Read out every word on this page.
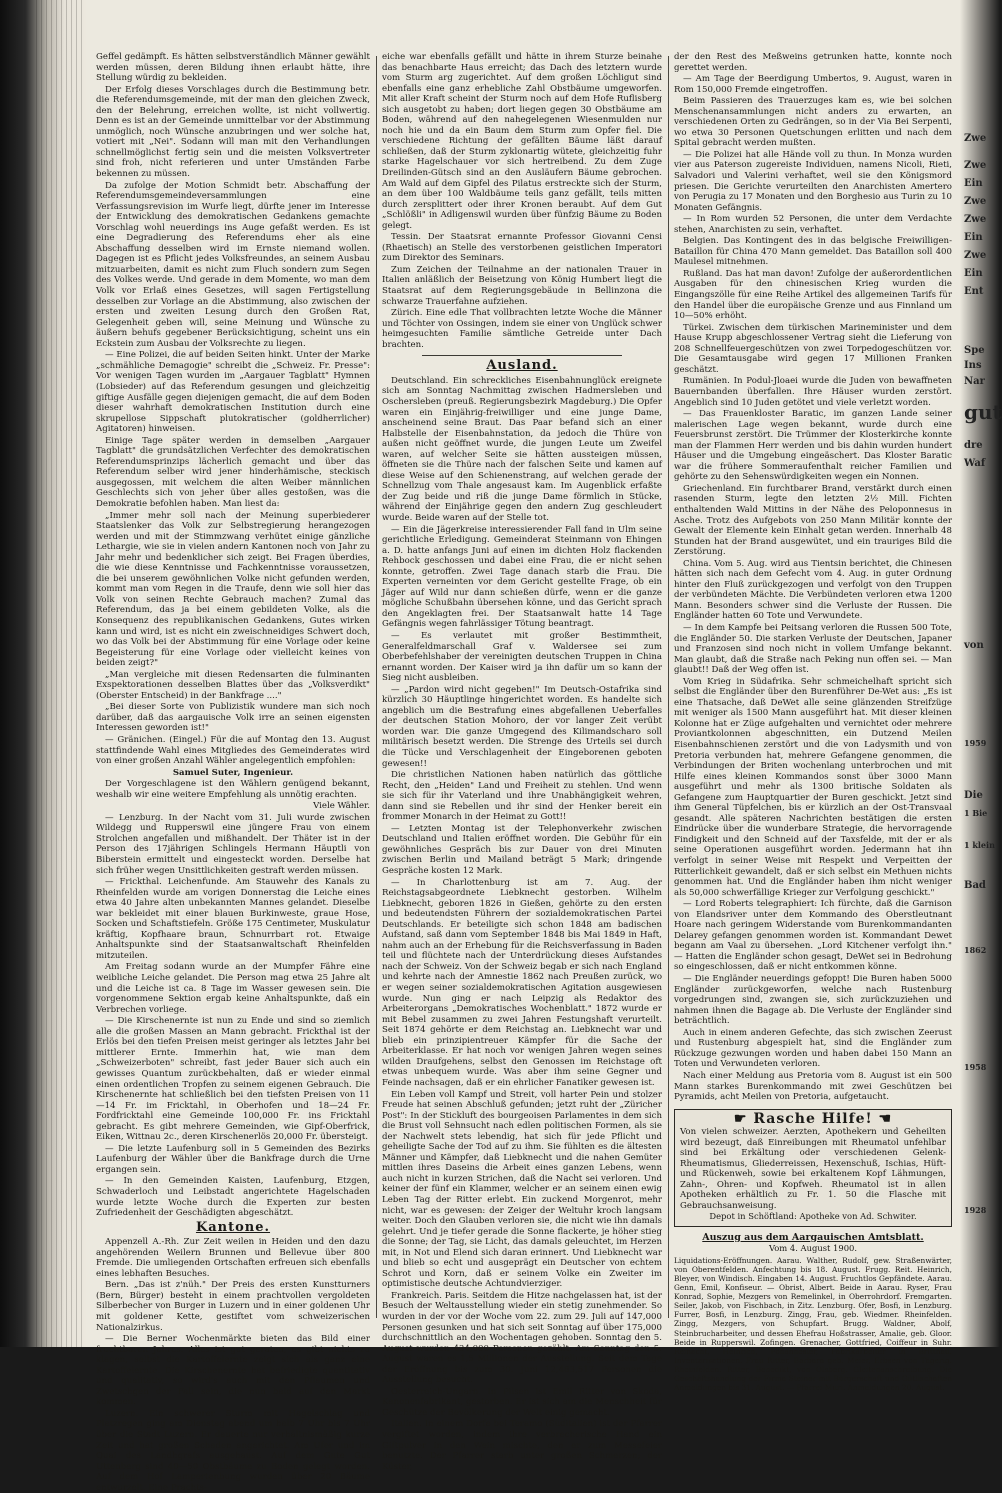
Geffel gedämpft. Es hätten selbstverständlich Männer gewählt werden müssen, deren Bildung ihnen erlaubt hätte, ihre Stellung würdig zu bekleiden.

Der Erfolg dieses Vorschlages durch die Bestimmung betr. die Referendumsgemeinde, mit der man den gleichen Zweck, den der Belehrung, erreichen wollte, ist nicht vollwertig. Denn es ist an der Gemeinde unmittelbar vor der Abstimmung unmöglich, noch Wünsche anzubringen und wer solche hat, votiert mit „Nei". Sodann will man mit den Verhandlungen schnellmöglichst fertig sein und die meisten Volksvertreter sind froh, nicht referieren und unter Umständen Farbe bekennen zu müssen.

Da zufolge der Motion Schmidt betr. Abschaffung der Referendumsgemeindeversammlungen eine Verfassungsrevision im Wurfe liegt, dürfte jener im Interesse der Entwicklung des demokratischen Gedankens gemachte Vorschlag wohl neuerdings ins Auge gefaßt werden. Es ist eine Degradierung des Referendums eher als eine Abschaffung desselben wird im Ernste niemand wollen. Dagegen ist es Pflicht jedes Volksfreundes, an seinem Ausbau mitzuarbeiten, damit es nicht zum Fluch sondern zum Segen des Volkes werde. Und gerade in dem Momente, wo man dem Volk vor Erlaß eines Gesetzes, will sagen Fertigstellung desselben zur Vorlage an die Abstimmung, also zwischen der ersten und zweiten Lesung durch den Großen Rat, Gelegenheit geben will, seine Meinung und Wünsche zu äußern behufs gegebener Berücksichtigung, scheint uns ein Eckstein zum Ausbau der Volksrechte zu liegen.

— Eine Polizei, die auf beiden Seiten hinkt. Unter der Marke „schmähliche Demagogie" schreibt die „Schweiz. Fr. Presse": Vor wenigen Tagen wurden im „Aargauer Tagblatt" Hymnen (Lobsieder) auf das Referendum gesungen und gleichzeitig giftige Ausfälle gegen diejenigen gemacht, die auf dem Boden dieser wahrhaft demokratischen Institution durch eine skrupellose Sippschaft plutokratischer (goldherrlicher) Agitatoren) hinweisen.

Einige Tage später werden in demselben „Aargauer Tagblatt" die grundsätzlichen Verfechter des demokratischen Referendumsprinzips lächerlich gemacht und über das Referendum selber wird jener hinderhämische, steckisch ausgegossen, mit welchem die alten Weiber männlichen Geschlechts sich von jeher über alles gestoßen, was die Demokratie befohlen haben. Man liest da:

„Immer mehr soll nach der Meinung superbiederer Staatslenker das Volk zur Selbstregierung herangezogen werden und mit der Stimmzwang verhütet einige gänzliche Lethargie, wie sie in vielen andern Kantonen noch von Jahr zu Jahr mehr und bedenklicher sich zeigt. Bei Fragen überdies, die wie diese Kenntnisse und Fachkenntnisse voraussetzen, die bei unserem gewöhnlichen Volke nicht gefunden werden, kommt man vom Regen in die Traufe, denn wie soll hier das Volk von seinen Rechte Gebrauch machen? Zumal das Referendum, das ja bei einem gebildeten Volke, als die Konsequenz des republikanischen Gedankens, Gutes wirken kann und wird, ist es nicht ein zweischneidiges Schwert doch, wo das Volk bei der Abstimmung für eine Vorlage oder keine Begeisterung für eine Vorlage oder vielleicht keines von beiden zeigt?"

„Man vergleiche mit diesen Redensarten die fulminanten Exspektorationen desselben Blattes über das „Volksverdikt" (Oberster Entscheid) in der Bankfrage ...."

„Bei dieser Sorte von Publizistik wundere man sich noch darüber, daß das aargauische Volk irre an seinen eigensten Interessen geworden ist!"

— Gränichen. (Eingel.) Für die auf Montag den 13. August stattfindende Wahl eines Mitgliedes des Gemeinderates wird von einer großen Anzahl Wähler angelegentlich empfohlen:

Samuel Suter, Ingenieur.

Der Vorgeschlagene ist den Wählern genügend bekannt, weshalb wir eine weitere Empfehlung als unnötig erachten.

Viele Wähler.

— Lenzburg. In der Nacht vom 31. Juli wurde zwischen Wildegg und Rupperswil eine jüngere Frau von einem Strolchen angefallen und mißhandelt. Der Thäter ist in der Person des 17jährigen Schlingels Hermann Häuptli von Biberstein ermittelt und eingesteckt worden. Derselbe hat sich früher wegen Unsittlichkeiten gestraft werden müssen.

— Frickthal. Leichenfunde. Am Stauwehr des Kanals zu Rheinfelden wurde am vorigen Donnerstag die Leiche eines etwa 40 Jahre alten unbekannten Mannes gelandet. Dieselbe war bekleidet mit einer blauen Burkinweste, graue Hose, Socken und Schaftstiefeln. Größe 175 Centimeter, Muskulatur kräftig, Kopfhaare braun, Schnurrbart rot. Etwaige Anhaltspunkte sind der Staatsanwaltschaft Rheinfelden mitzuteilen.

Am Freitag sodann wurde an der Mumpfer Fähre eine weibliche Leiche gelandet. Die Person mag etwa 25 Jahre alt und die Leiche ist ca. 8 Tage im Wasser gewesen sein. Die vorgenommene Sektion ergab keine Anhaltspunkte, daß ein Verbrechen vorliege.

— Die Kirschenernte ist nun zu Ende und sind so ziemlich alle die großen Massen an Mann gebracht. Frickthal ist der Erlös bei den tiefen Preisen meist geringer als letztes Jahr bei mittlerer Ernte. Immerhin hat, wie man dem „Schweizerboten" schreibt, fast jeder Bauer sich auch ein gewisses Quantum zurückbehalten, daß er wieder einmal einen ordentlichen Tropfen zu seinem eigenen Gebrauch. Die Kirschenernte hat schließlich bei den tiefsten Preisen von 11—14 Fr. im Fricktahl, in Oberhofen und 18—24 Fr. Fordfricktahl eine Gemeinde 100,000 Fr. ins Fricktahl gebracht. Es gibt mehrere Gemeinden, wie Gipf-Oberfrick, Eiken, Wittnau 2c., deren Kirschenerlös 20,000 Fr. übersteigt.

— Die letzte Laufenburg soll in 5 Gemeinden des Bezirks Laufenburg der Wähler über die Bankfrage durch die Urne ergangen sein.

— In den Gemeinden Kaisten, Laufenburg, Etzgen, Schwaderloch und Leibstadt angerichtete Hagelschaden wurde letzte Woche durch die Experten zur besten Zufriedenheit der Geschädigten abgeschätzt.

Kantone.

Appenzell A.-Rh. Zur Zeit weilen in Heiden und den dazu angehörenden Weilern Brunnen und Bellevue über 800 Fremde. Die umliegenden Ortschaften erfreuen sich ebenfalls eines lebhaften Besuches.

Bern. „Das ist z'nüh." Der Preis des ersten Kunstturners (Bern, Bürger) besteht in einem prachtvollen vergoldeten Silberbecher von Burger in Luzern und in einer goldenen Uhr mit goldener Kette, gestiftet vom schweizerischen Nationalzirkus.

— Die Berner Wochenmärkte bieten das Bild einer fruchtbaren Jahres. Alles ist gut geraten, es gibt nichts zu klagen, selbst die Kartoffelernte zeigt sich als ganz eine Kartoffelernte. Die Kirschenernte hat befriedigte quantitativ und qualitativ, so wird's auch mit den Pflaumen und Zwetschgen der Fall sein, die nun bald auf den Markt kommen.

Luzern. Ein schwerer Sturm mit Hagelschlag und Platzregen ging am Dienstag abend um halb 7 Uhr bis 7 Uhr über die Stadt Luzern. Er dauerte nur verhältnismäßig kurze Zeit und hat großen Schaden angerichtet. Am Ufer und im Quai des Landhgrafs ausgehaust. Auf dem Gute Gut Uttenberg sind 40—50 Obstbäume zu Boden gelegt worden. Auf dem Hof Lampertenbung wurden über 20 Bäume entwurzelt. Eine Prachts-

eiche war ebenfalls gefällt und hätte in ihrem Sturze beinahe das benachbarte Haus erreicht; das Dach des letztern wurde vom Sturm arg zugerichtet. Auf dem großen Löchligut sind ebenfalls eine ganz erhebliche Zahl Obstbäume umgeworfen. Mit aller Kraft scheint der Sturm noch auf dem Hofe Ruflisberg sich ausgetobt zu haben; dort liegen gegen 30 Obstbäume am Boden, während auf den nahegelegenen Wiesenmulden nur noch hie und da ein Baum dem Sturm zum Opfer fiel. Die verschiedene Richtung der gefällten Bäume läßt darauf schließen, daß der Sturm zyklonartig wütete, gleichzeitig fuhr starke Hagelschauer vor sich hertreibend. Zu dem Zuge Dreilinden-Gütsch sind an den Ausläufern Bäume gebrochen. Am Wald auf dem Gipfel des Pilatus erstreckte sich der Sturm, an dem über 100 Waldbäume teils ganz gefällt, teils mitten durch zersplittert oder ihrer Kronen beraubt. Auf dem Gut „Schlößli" in Adligenswil wurden über fünfzig Bäume zu Boden gelegt.

Tessin. Der Staatsrat ernannte Professor Giovanni Censi (Rhaetisch) an Stelle des verstorbenen geistlichen Imperatori zum Direktor des Seminars.

Zum Zeichen der Teilnahme an der nationalen Trauer in Italien anläßlich der Beisetzung von König Humbert liegt die Staatsrat auf dem Regierungsgebäude in Bellinzona die schwarze Trauerfahne aufziehen.

Zürich. Eine edle That vollbrachten letzte Woche die Männer und Töchter von Ossingen, indem sie einer von Unglück schwer heimgesuchten Familie sämtliche Getreide unter Dach brachten.

Ausland.

Deutschland. Ein schreckliches Eisenbahnunglück ereignete sich am Sonntag Nachmittag zwischen Hadmersleben und Oschersleben (preuß. Regierungsbezirk Magdeburg.) Die Opfer waren ein Einjährig-freiwilliger und eine junge Dame, anscheinend seine Braut. Das Paar befand sich an einer Halbstelle der Eisenbahnstation, da jedoch die Thüre von außen nicht geöffnet wurde, die jungen Leute um Zweifel waren, auf welcher Seite sie hätten aussteigen müssen, öffneten sie die Thüre nach der falschen Seite und kamen auf diese Weise auf den Schienenstrang, auf welchen gerade der Schnellzug vom Thale angesaust kam. Im Augenblick erfaßte der Zug beide und riß die junge Dame förmlich in Stücke, während der Einjährige gegen den andern Zug geschleudert wurde. Beide waren auf der Stelle tot.

— Ein die Jägerkreise interessierender Fall fand in Ulm seine gerichtliche Erledigung. Gemeinderat Steinmann von Ehingen a. D. hatte anfangs Juni auf einen im dichten Holz flackenden Rehbock geschossen und dabei eine Frau, die er nicht sehen konnte, getroffen. Zwei Tage danach starb die Frau. Die Experten verneinten vor dem Gericht gestellte Frage, ob ein Jäger auf Wild nur dann schießen dürfe, wenn er die ganze mögliche Schußbahn übersehen könne, und das Gericht sprach den Angeklagten frei. Der Staatsanwalt hatte 14 Tage Gefängnis wegen fahrlässiger Tötung beantragt.

— Es verlautet mit großer Bestimmtheit, Generalfeldmarschall Graf v. Waldersee sei zum Oberbefehlshaber der vereinigten deutschen Truppen in China ernannt worden. Der Kaiser wird ja ihn dafür um so kann der Sieg nicht ausbleiben.

— „Pardon wird nicht gegeben!" Im Deutsch-Ostafrika sind kürzlich 30 Häuptlinge hingerichtet worden. Es handelte sich angeblich um die Bestrafung eines abgefallenen Ueberfalles der deutschen Station Mohoro, der vor langer Zeit verübt worden war. Die ganze Umgegend des Kilimandscharo soll militärisch besetzt werden. Die Strenge des Urteils sei durch die Tücke und Verschlagenheit der Eingeborenen geboten gewesen!!

Die christlichen Nationen haben natürlich das göttliche Recht, den „Heiden" Land und Freiheit zu stehlen. Und wenn sie sich für ihr Vaterland und ihre Unabhängigkeit wehren, dann sind sie Rebellen und ihr sind der Henker bereit ein frommer Monarch in der Heimat zu Gott!!

— Letzten Montag ist der Telephonverkehr zwischen Deutschland und Italien eröffnet worden. Die Gebühr für ein gewöhnliches Gespräch bis zur Dauer von drei Minuten zwischen Berlin und Mailand beträgt 5 Mark; dringende Gespräche kosten 12 Mark.

— In Charlottenburg ist am 7. Aug. der Reichstagsabgeordnete Liebknecht gestorben. Wilhelm Liebknecht, geboren 1826 in Gießen, gehörte zu den ersten und bedeutendsten Führern der sozialdemokratischen Partei Deutschlands. Er beteiligte sich schon 1848 am badischen Aufstand, saß dann vom September 1848 bis Mai 1849 in Haft, nahm auch an der Erhebung für die Reichsverfassung in Baden teil und flüchtete nach der Unterdrückung dieses Aufstandes nach der Schweiz. Von der Schweiz begab er sich nach England und kehrte nach der Amnestie 1862 nach Preußen zurück, wo er wegen seiner sozialdemokratischen Agitation ausgewiesen wurde. Nun ging er nach Leipzig als Redaktor des Arbeiterorgans „Demokratisches Wochenblatt." 1872 wurde er mit Bebel zusammen zu zwei Jahren Festungshaft verurteilt. Seit 1874 gehörte er dem Reichstag an. Liebknecht war und blieb ein prinzipientreuer Kämpfer für die Sache der Arbeiterklasse. Er hat noch vor wenigen Jahren wegen seines wilden Draufgehens, selbst den Genossen im Reichstage oft etwas unbequem wurde. Was aber ihm seine Gegner und Feinde nachsagen, daß er ein ehrlicher Fanatiker gewesen ist.

Ein Leben voll Kampf und Streit, voll harter Pein und stolzer Freude hat seinen Abschluß gefunden; jetzt ruht der „Züricher Post": In der Stickluft des bourgeoisen Parlamentes in dem sich die Brust voll Sehnsucht nach edlen politischen Formen, als sie der Nachwelt stets lebendig, hat sich für jede Pflicht und geheiligte Sache der Tod auf zu ihm. Sie fühlten es die ältesten Männer und Kämpfer, daß Liebknecht und die nahen Gemüter mittlen ihres Daseins die Arbeit eines ganzen Lebens, wenn auch nicht in kurzen Strichen, daß die Nacht sei verloren. Und keiner der fünf ein Klammer, welcher er an seinem einen ewig Leben Tag der Ritter erlebt. Ein zuckend Morgenrot, mehr nicht, war es gewesen: der Zeiger der Weltuhr kroch langsam weiter. Doch den Glauben verloren sie, die nicht wie ihn damals gelehrt. Und je tiefer gerade die Sonne flackerte, je höher stieg die Sonne; der Tag, sie Licht, das damals geleuchtet, im Herzen mit, in Not und Elend sich daran erinnert. Und Liebknecht war und blieb so echt und ausgeprägt ein Deutscher von echtem Schrot und Korn, daß er seinem Volke ein Zweiter im optimistische deutsche Achtundvierziger.

Frankreich. Paris. Seitdem die Hitze nachgelassen hat, ist der Besuch der Weltausstellung wieder ein stetig zunehmender. So wurden in der vor der Woche vom 22. zum 29. Juli auf 147,000 Personen gesunken und hat sich seit Sonntag auf über 175,000 durchschnittlich an den Wochentagen gehoben. Sonntag den 5. August wurden 434,000 Personen gezählt. Am Sonntag den 5. August waren es 1,5 Millionen der Ausstellung. Seit dem Tage der Eröffnung bis zum 30. Juni 12,483,517 Personen die Ausstellung besucht.

Oesterreich-Ungarn. In Pilsen ist Emil Ritter von Skoda, Kanonenfabrikant, gestorben. Er ist sich am die Menschheit für Geschütze der Bevölkerung der Welt einig gemacht.

Italien. In einem Dorfe bei Teramo (Süditalien) ist der Pfarrer vergiftet worden, indem ihre verbrecherische Hand ein Giftpulver in den Wein mischte, den er zum Messefeier benutzte. Der Pfarrer starb unter großen Schmerzen; der Küster,

der den Rest des Meßweins getrunken hatte, konnte noch gerettet werden.

— Am Tage der Beerdigung Umbertos, 9. August, waren in Rom 150,000 Fremde eingetroffen.

Beim Passieren des Trauerzuges kam es, wie bei solchen Menschenansammlungen nicht anders zu erwarten, an verschiedenen Orten zu Gedrängen, so in der Via Bei Serpenti, wo etwa 30 Personen Quetschungen erlitten und nach dem Spital gebracht werden mußten.

— Die Polizei hat alle Hände voll zu thun. In Monza wurden vier aus Paterson zugereiste Individuen, namens Nicoli, Rieti, Salvadori und Valerini verhaftet, weil sie den Königsmord priesen. Die Gerichte verurteilten den Anarchisten Amertero von Perugia zu 17 Monaten und den Borghesio aus Turin zu 10 Monaten Gefängnis.

— In Rom wurden 52 Personen, die unter dem Verdachte stehen, Anarchisten zu sein, verhaftet.

Belgien. Das Kontingent des in das belgische Freiwilligen-Bataillon für China 470 Mann gemeldet. Das Bataillon soll 400 Maulesel mitnehmen.

Rußland. Das hat man davon! Zufolge der außerordentlichen Ausgaben für den chinesischen Krieg wurden die Eingangszölle für eine Reihe Artikel des allgemeinen Tarifs für den Handel über die europäische Grenze und aus Finnland um 10—50% erhöht.

Türkei. Zwischen dem türkischen Marineminister und dem Hause Krupp abgeschlossener Vertrag sieht die Lieferung von 208 Schnellfeuergeschützen von zwei Torpedogeschützen vor. Die Gesamtausgabe wird gegen 17 Millionen Franken geschätzt.

Rumänien. In Podul-Jloaei wurde die Juden von bewaffneten Bauernbanden überfallen. Ihre Häuser wurden zerstört. Angeblich sind 10 Juden getötet und viele verletzt worden.

— Das Frauenkloster Baratic, im ganzen Lande seiner malerischen Lage wegen bekannt, wurde durch eine Feuersbrunst zerstört. Die Trümmer der Klosterkirche konnte man der Flammen Herr werden und bis dahin wurden hundert Häuser und die Umgebung eingeäschert. Das Kloster Baratic war die frühere Sommeraufenthalt reicher Familien und gehörte zu den Sehenswürdigkeiten wegen ein Nonnen.

Griechenland. Ein furchtbarer Brand, verstärkt durch einen rasenden Sturm, legte den letzten 2½ Mill. Fichten enthaltenden Wald Mittins in der Nähe des Peloponnesus in Asche. Trotz des Aufgebots von 250 Mann Militär konnte der Gewalt der Elemente kein Einhalt getan werden. Innerhalb 48 Stunden hat der Brand ausgewütet, und ein trauriges Bild die Zerstörung.

China. Vom 5. Aug. wird aus Tientsin berichtet, die Chinesen hätten sich nach dem Gefecht vom 4. Aug. in guter Ordnung hinter den Fluß zurückgezogen und verfolgt von den Truppen der verbündeten Mächte. Die Verbündeten verloren etwa 1200 Mann. Besonders schwer sind die Verluste der Russen. Die Engländer hatten 60 Tote und Verwundete.

— In dem Kampfe bei Peitsang verloren die Russen 500 Tote, die Engländer 50. Die starken Verluste der Deutschen, Japaner und Franzosen sind noch nicht in vollem Umfange bekannt. Man glaubt, daß die Straße nach Peking nun offen sei. — Man glaubt!! Daß der Weg offen ist.

Vom Krieg in Südafrika. Sehr schmeichelhaft spricht sich selbst die Engländer über den Burenführer De-Wet aus: „Es ist eine Thatsache, daß DeWet alle seine glänzenden Streifzüge mit weniger als 1500 Mann ausgeführt hat. Mit dieser kleinen Kolonne hat er Züge aufgehalten und vernichtet oder mehrere Proviantkolonnen abgeschnitten, ein Dutzend Meilen Eisenbahnschienen zerstört und die von Ladysmith und von Pretoria verbunden hat, mehrere Gefangene genommen, die Verbindungen der Briten wochenlang unterbrochen und mit Hilfe eines kleinen Kommandos sonst über 3000 Mann ausgeführt und mehr als 1300 britische Soldaten als Gefangene zum Hauptquartier der Buren geschickt. Jetzt sind ihm General Tüpfelchen, bis er kürzlich an der Ost-Transvaal gesandt. Alle späteren Nachrichten bestätigen die ersten Eindrücke über die wunderbare Strategie, die hervorragende Findigkeit und den Schneid auf der Taxsfelde, mit der er als seine Operationen ausgeführt worden. Jedermann hat ihn verfolgt in seiner Weise mit Respekt und Verpeitten der Ritterlichkeit gewandelt, daß er sich selbst ein Methuen nichts genommen hat. Und die Engländer haben ihm nicht weniger als 50,000 schwerfällige Krieger zur Verfolgung geschickt."

— Lord Roberts telegraphiert: Ich fürchte, daß die Garnison von Elandsriver unter dem Kommando des Oberstleutnant Hoare nach geringem Widerstande vom Burenkommandanten Delarey gefangen genommen worden ist. Kommandant Dewet begann am Vaal zu übersehen. „Lord Kitchener verfolgt ihn." — Hatten die Engländer schon gesagt, DeWet sei in Bedrohung so eingeschlossen, daß er nicht entkommen könne.

— Die Engländer neuerdings gefoppt! Die Buren haben 5000 Engländer zurückgeworfen, welche nach Rustenburg vorgedrungen sind, zwangen sie, sich zurückzuziehen und nahmen ihnen die Bagage ab. Die Verluste der Engländer sind beträchtlich.

Auch in einem anderen Gefechte, das sich zwischen Zeerust und Rustenburg abgespielt hat, sind die Engländer zum Rückzuge gezwungen worden und haben dabei 150 Mann an Toten und Verwundeten verloren.

Nach einer Meldung aus Pretoria vom 8. August ist ein 500 Mann starkes Burenkommando mit zwei Geschützen bei Pyramids, acht Meilen von Pretoria, aufgetaucht.

☛ Rasche Hilfe! ☚
Von vielen schweizer. Aerzten, Apothekern und Geheilten wird bezeugt, daß Einreibungen mit Rheumatol unfehlbar sind bei Erkältung oder verschiedenen Gelenk-Rheumatismus, Gliederreissen, Hexenschuß, Ischias, Hüft- und Rückenweh, sowie bei erkaltenem Kopf Lähmungen, Zahn-, Ohren- und Kopfweh. Rheumatol ist in allen Apotheken erhältlich zu Fr. 1. 50 die Flasche mit Gebrauchsanweisung.
Depot in Schöftland: Apotheke von Ad. Schwiter.
Auszug aus dem Aargauischen Amtsblatt.
Vom 4. August 1900.

Liquidations-Eröffnungen. Aarau. Walther, Rudolf, gew. Straßenwärter, von Oberentfelden. Anfechtung bis 18. August. Frugg. Reit. Heinrich, Bleyer, von Windisch. Eingaben 14. August. Fruchtlos Gepfändete. Aarau. Genn, Emil, Konfiseur. — Obrist, Albert. Beide in Aarau. Ryser, Frau Konrad, Sophie, Mezgers von Remelinkel, in Oberrohrdorf. Fremgarten. Seiler, Jakob, von Fischbach, in Zitz. Lenzburg. Ofer, Bosfi, in Lenzburg. Furrer, Bosfi, in Lenzburg. Zingg, Frau, geb. Wiedmer. Rheinfelden. Zingg, Mezgers, von Schupfart. Brugg. Waldner, Abolf, Steinbrucharbeiter, und dessen Ehefrau Hoßstrasser, Amalie, geb. Gloor. Beide in Rupperswil. Zofingen. Grenacher, Gottfried, Coiffeur in Suhr. Reinacht, Heinrich, Fohannesler, Fabrikarbeiter in Brittnau. Inventarisationen. Frau Ritter, Barbara geb. Meier, Erbsen von Tägerig. Rheinfelden. Ritter, Benedikt, von Olsberg. Gleitenanschreibung. Die Geschäftshandlung der Firma Steiner mit Bürgerschaft und Gütlischaften Anmeldungen bis 31. August. — Pfarrei Muri. Anmeldungen 20. August.

Zwe
Zwe
Ein
Zwe
Zwe
Ein
Zwe
Ein
Ent
Spe
Ins
Nar
gut
dre
Waf
von
1959
Die
1 Bie
1 klein
Bad
1862
1958
1928
